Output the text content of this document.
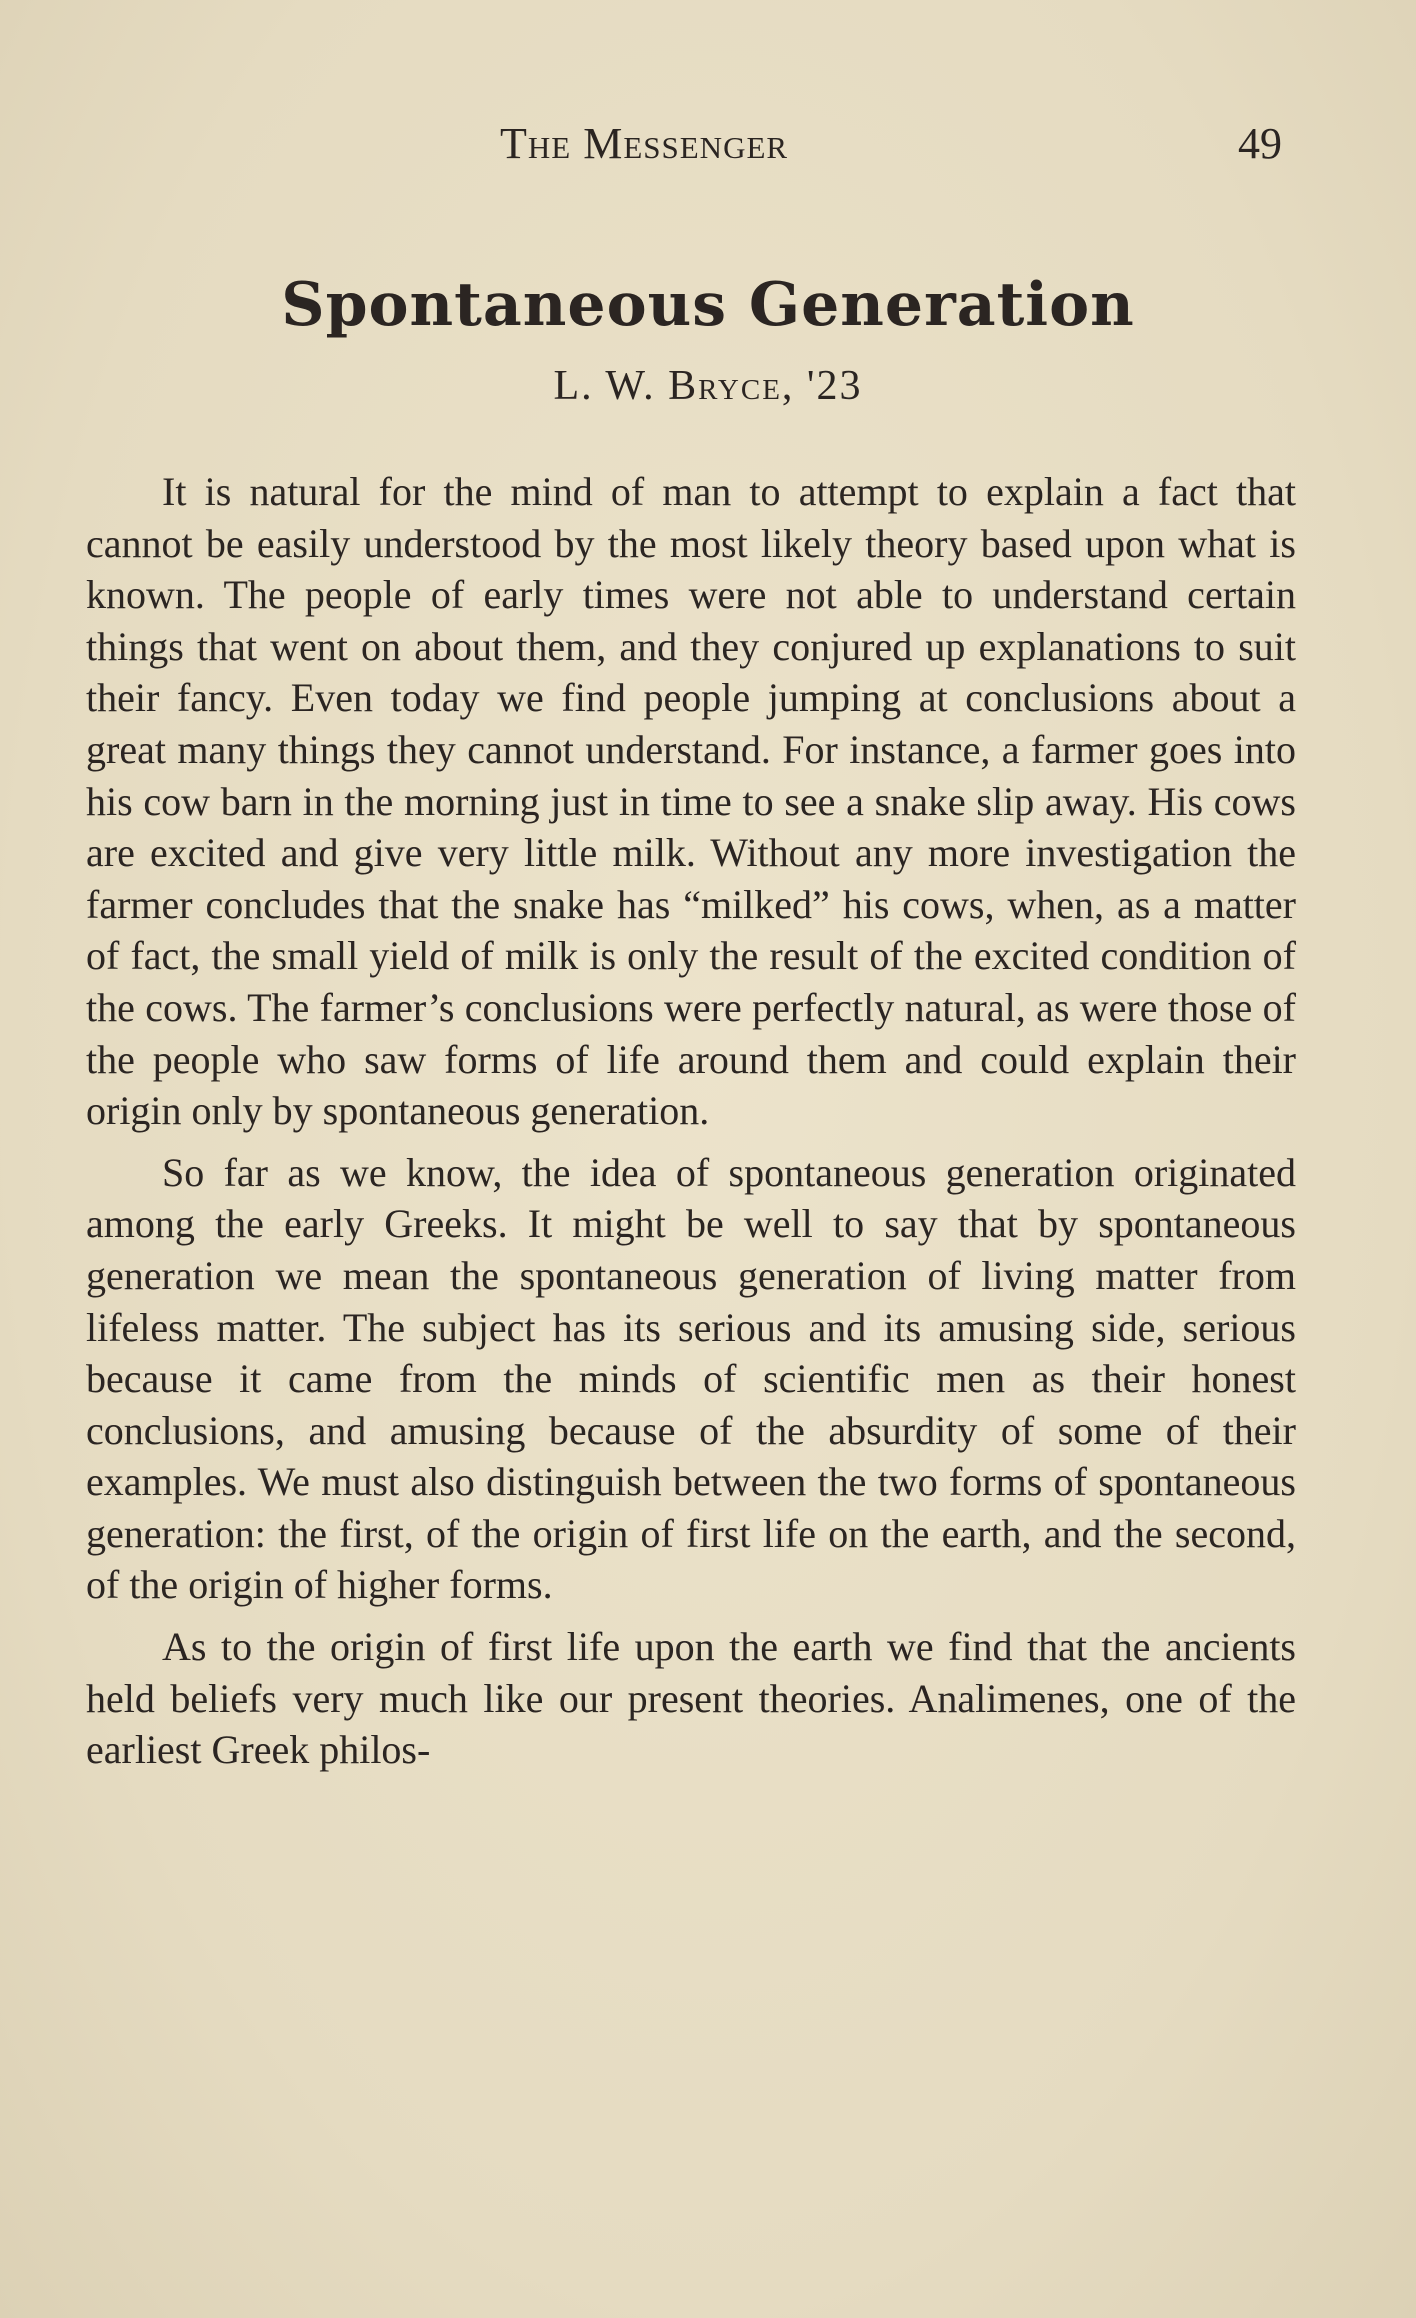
The Messenger	49
Spontaneous Generation
L. W. Bryce, '23

It is natural for the mind of man to attempt to explain a fact that cannot be easily understood by the most likely theory based upon what is known. The people of early times were not able to understand certain things that went on about them, and they conjured up explanations to suit their fancy. Even today we find people jumping at conclusions about a great many things they cannot understand. For instance, a farmer goes into his cow barn in the morning just in time to see a snake slip away. His cows are excited and give very little milk. Without any more investigation the farmer concludes that the snake has “milked” his cows, when, as a matter of fact, the small yield of milk is only the result of the excited condition of the cows. The farmer’s conclusions were perfectly natural, as were those of the people who saw forms of life around them and could explain their origin only by spontaneous generation.

So far as we know, the idea of spontaneous generation originated among the early Greeks. It might be well to say that by spontaneous generation we mean the spontaneous generation of living matter from lifeless matter. The subject has its serious and its amusing side, serious because it came from the minds of scientific men as their honest conclusions, and amusing because of the absurdity of some of their examples. We must also distinguish between the two forms of spontaneous generation: the first, of the origin of first life on the earth, and the second, of the origin of higher forms.

As to the origin of first life upon the earth we find that the ancients held beliefs very much like our present theories. Analimenes, one of the earliest Greek philos-
